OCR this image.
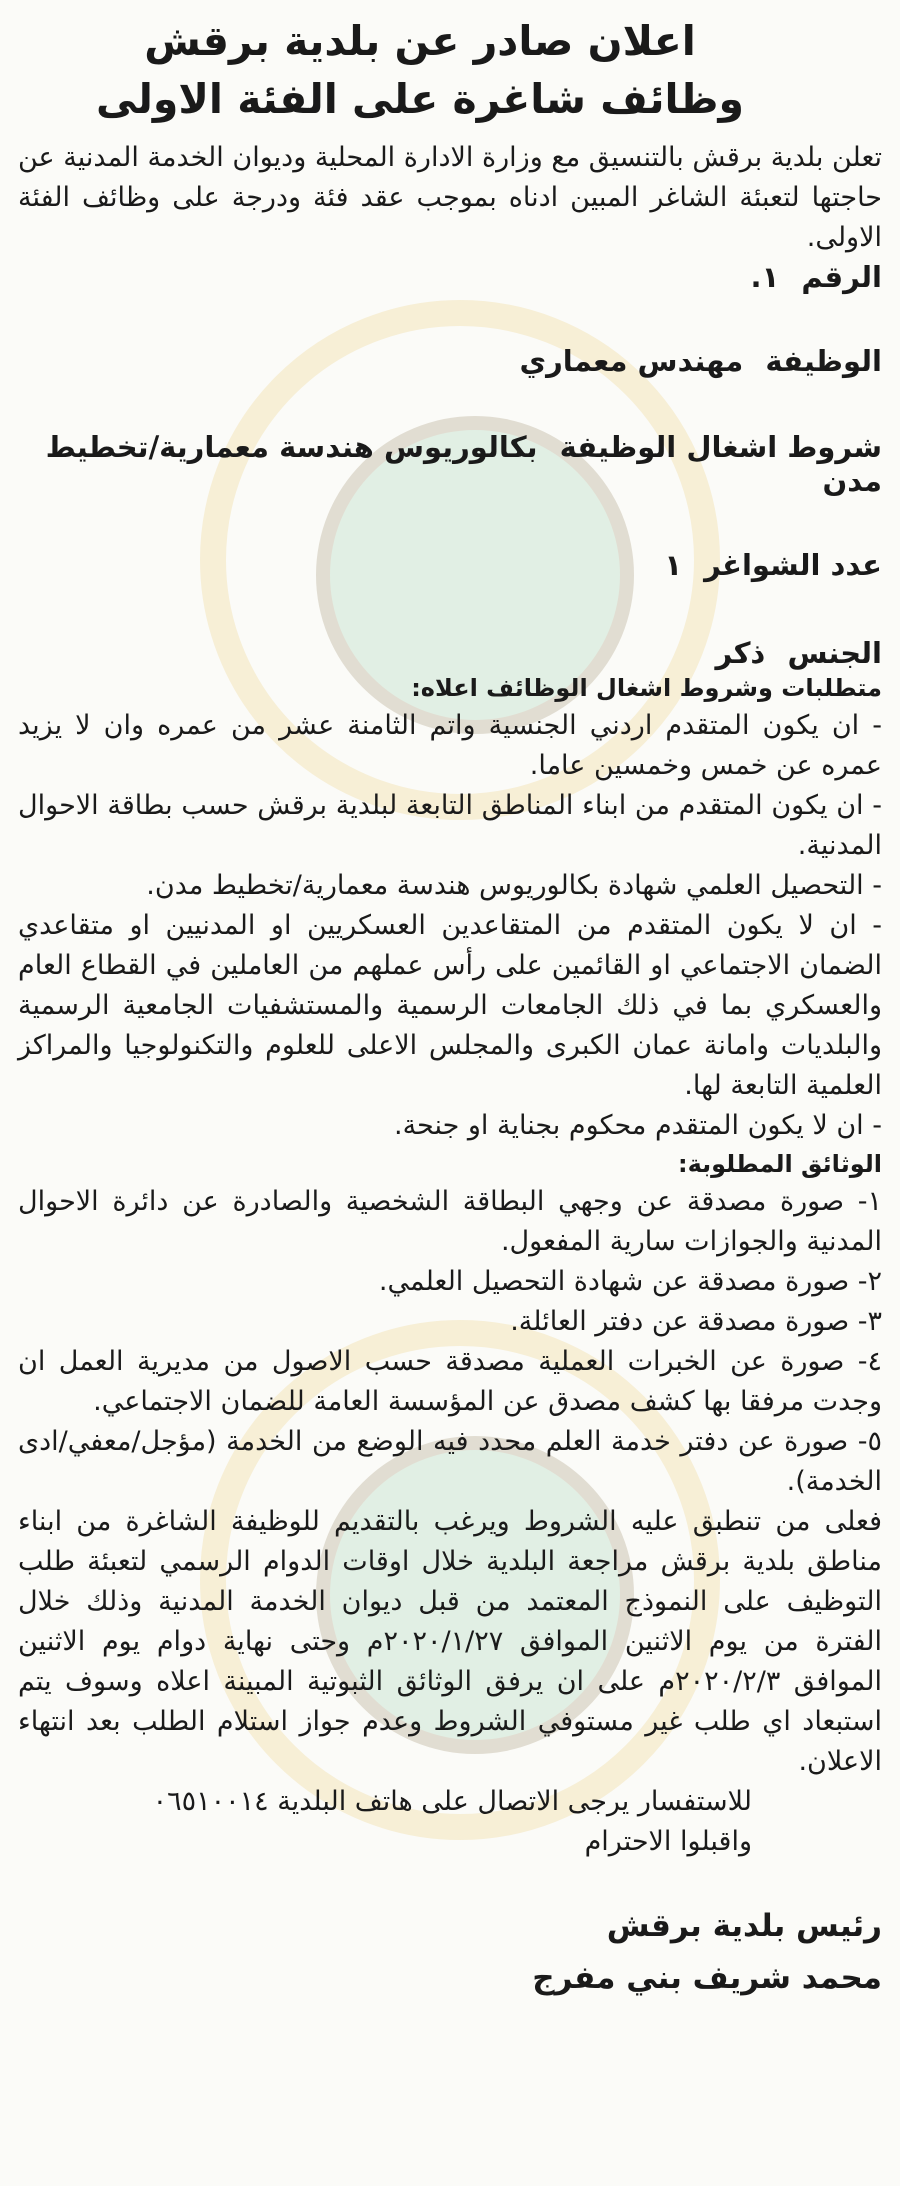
اعلان صادر عن بلدية برقش
وظائف شاغرة على الفئة الاولى

تعلن بلدية برقش بالتنسيق مع وزارة الادارة المحلية وديوان الخدمة المدنية عن حاجتها لتعبئة الشاغر المبين ادناه بموجب عقد فئة ودرجة على وظائف الفئة الاولى.

الرقم ١.

الوظيفة مهندس معماري

شروط اشغال الوظيفة بكالوريوس هندسة معمارية/تخطيط مدن

عدد الشواغر ١

الجنس ذكر

متطلبات وشروط اشغال الوظائف اعلاه:

- ان يكون المتقدم اردني الجنسية واتم الثامنة عشر من عمره وان لا يزيد عمره عن خمس وخمسين عاما.

- ان يكون المتقدم من ابناء المناطق التابعة لبلدية برقش حسب بطاقة الاحوال المدنية.

- التحصيل العلمي شهادة بكالوريوس هندسة معمارية/تخطيط مدن.

- ان لا يكون المتقدم من المتقاعدين العسكريين او المدنيين او متقاعدي الضمان الاجتماعي او القائمين على رأس عملهم من العاملين في القطاع العام والعسكري بما في ذلك الجامعات الرسمية والمستشفيات الجامعية الرسمية والبلديات وامانة عمان الكبرى والمجلس الاعلى للعلوم والتكنولوجيا والمراكز العلمية التابعة لها.

- ان لا يكون المتقدم محكوم بجناية او جنحة.

الوثائق المطلوبة:

١- صورة مصدقة عن وجهي البطاقة الشخصية والصادرة عن دائرة الاحوال المدنية والجوازات سارية المفعول.

٢- صورة مصدقة عن شهادة التحصيل العلمي.

٣- صورة مصدقة عن دفتر العائلة.

٤- صورة عن الخبرات العملية مصدقة حسب الاصول من مديرية العمل ان وجدت مرفقا بها كشف مصدق عن المؤسسة العامة للضمان الاجتماعي.

٥- صورة عن دفتر خدمة العلم محدد فيه الوضع من الخدمة (مؤجل/معفي/ادى الخدمة).

فعلى من تنطبق عليه الشروط ويرغب بالتقديم للوظيفة الشاغرة من ابناء مناطق بلدية برقش مراجعة البلدية خلال اوقات الدوام الرسمي لتعبئة طلب التوظيف على النموذج المعتمد من قبل ديوان الخدمة المدنية وذلك خلال الفترة من يوم الاثنين الموافق ٢٠٢٠/١/٢٧م وحتى نهاية دوام يوم الاثنين الموافق ٢٠٢٠/٢/٣م على ان يرفق الوثائق الثبوتية المبينة اعلاه وسوف يتم استبعاد اي طلب غير مستوفي الشروط وعدم جواز استلام الطلب بعد انتهاء الاعلان.

للاستفسار يرجى الاتصال على هاتف البلدية ٠٦٥١٠٠١٤

واقبلوا الاحترام

رئيس بلدية برقش

محمد شريف بني مفرج
